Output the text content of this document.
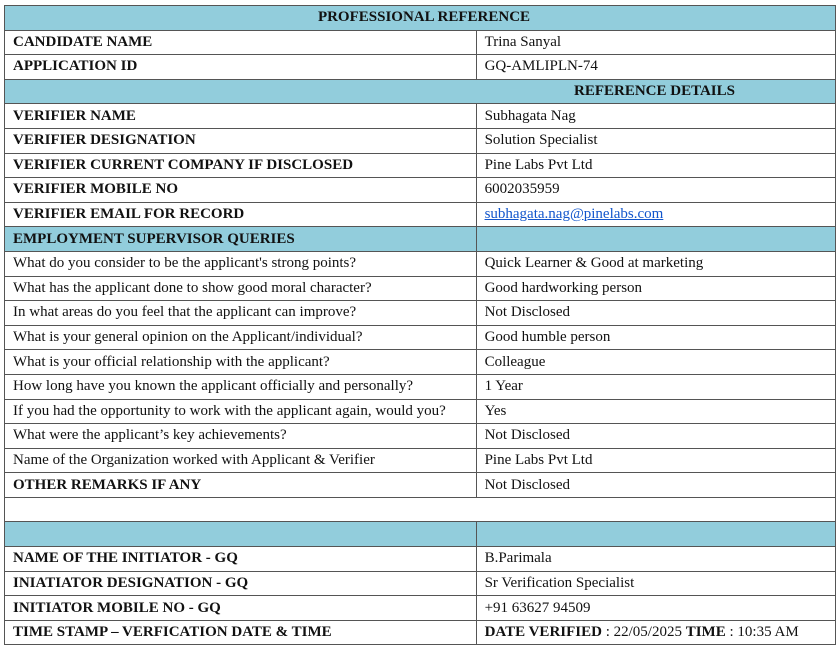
PROFESSIONAL REFERENCE	
CANDIDATE NAME	Trina Sanyal
APPLICATION ID	GQ-AMLIPLN-74
REFERENCE DETAILS	
VERIFIER NAME	Subhagata Nag
VERIFIER DESIGNATION	Solution Specialist
VERIFIER CURRENT COMPANY IF DISCLOSED	Pine Labs Pvt Ltd
VERIFIER MOBILE NO	6002035959
VERIFIER EMAIL FOR RECORD	subhagata.nag@pinelabs.com
EMPLOYMENT SUPERVISOR QUERIES	
What do you consider to be the applicant's strong points?	Quick Learner & Good at marketing
What has the applicant done to show good moral character?	Good hardworking person
In what areas do you feel that the applicant can improve?	Not Disclosed
What is your general opinion on the Applicant/individual?	Good humble person
What is your official relationship with the applicant?	Colleague
How long have you known the applicant officially and personally?	1 Year
If you had the opportunity to work with the applicant again, would you?	Yes
What were the applicant’s key achievements?	Not Disclosed
Name of the Organization worked with Applicant & Verifier	Pine Labs Pvt Ltd
OTHER REMARKS IF ANY	Not Disclosed

NAME OF THE INITIATOR - GQ	B.Parimala
INIATIATOR DESIGNATION - GQ	Sr Verification Specialist
INITIATOR MOBILE NO - GQ	+91 63627 94509
TIME STAMP – VERFICATION DATE & TIME	DATE VERIFIED : 22/05/2025 TIME : 10:35 AM
